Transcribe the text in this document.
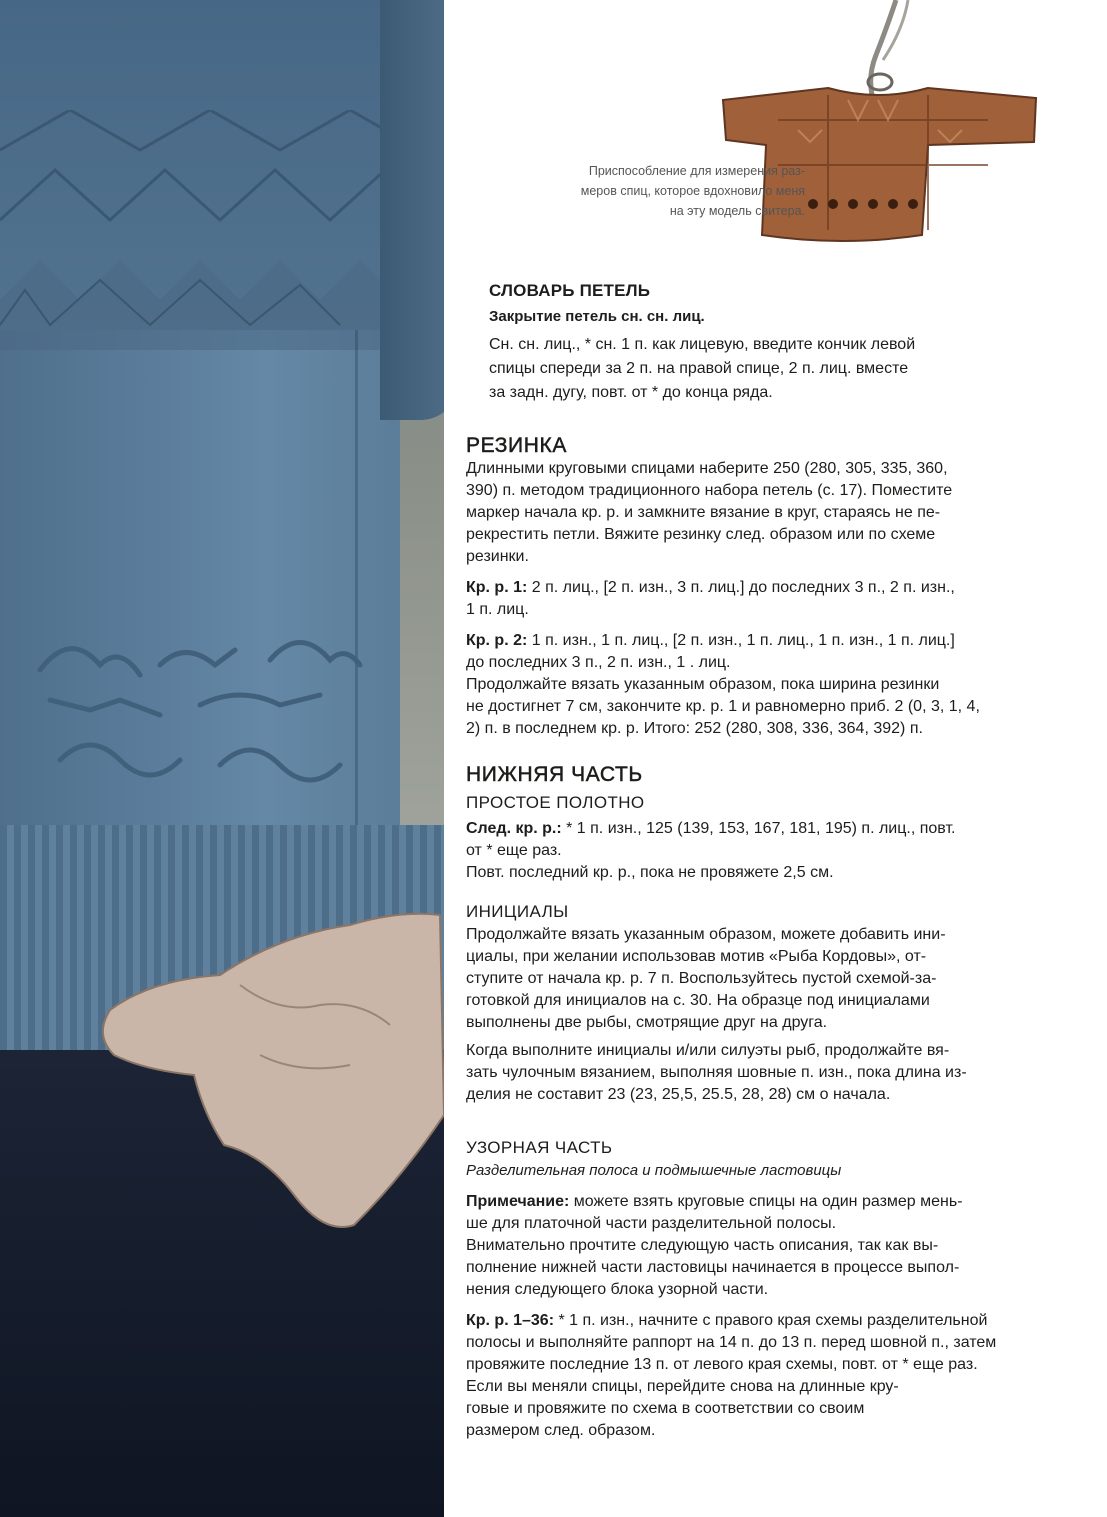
Приспособление для измерения раз-
меров спиц, которое вдохновило меня
на эту модель свитера.
СЛОВАРЬ ПЕТЕЛЬ

Закрытие петель сн. сн. лиц.

Сн. сн. лиц., * сн. 1 п. как лицевую, введите кончик левой

спицы спереди за 2 п. на правой спице, 2 п. лиц. вместе

за задн. дугу, повт. от * до конца ряда.

РЕЗИНКА

Длинными круговыми спицами наберите 250 (280, 305, 335, 360,

390) п. методом традиционного набора петель (с. 17). Поместите

маркер начала кр. р. и замкните вязание в круг, стараясь не пе-

рекрестить петли. Вяжите резинку след. образом или по схеме

резинки.

Кр. р. 1: 2 п. лиц., [2 п. изн., 3 п. лиц.] до последних 3 п., 2 п. изн.,

1 п. лиц.

Кр. р. 2: 1 п. изн., 1 п. лиц., [2 п. изн., 1 п. лиц., 1 п. изн., 1 п. лиц.]

до последних 3 п., 2 п. изн., 1 . лиц.

Продолжайте вязать указанным образом, пока ширина резинки

не достигнет 7 см, закончите кр. р. 1 и равномерно приб. 2 (0, 3, 1, 4,

2) п. в последнем кр. р. Итого: 252 (280, 308, 336, 364, 392) п.

НИЖНЯЯ ЧАСТЬ
ПРОСТОЕ ПОЛОТНО

След. кр. р.: * 1 п. изн., 125 (139, 153, 167, 181, 195) п. лиц., повт.

от * еще раз.

Повт. последний кр. р., пока не провяжете 2,5 см.

ИНИЦИАЛЫ

Продолжайте вязать указанным образом, можете добавить ини-

циалы, при желании использовав мотив «Рыба Кордовы», от-

ступите от начала кр. р. 7 п. Воспользуйтесь пустой схемой-за-

готовкой для инициалов на с. 30. На образце под инициалами

выполнены две рыбы, смотрящие друг на друга.

Когда выполните инициалы и/или силуэты рыб, продолжайте вя-

зать чулочным вязанием, выполняя шовные п. изн., пока длина из-

делия не составит 23 (23, 25,5, 25.5, 28, 28) см о начала.

УЗОРНАЯ ЧАСТЬ

Разделительная полоса и подмышечные ластовицы

Примечание: можете взять круговые спицы на один размер мень-

ше для платочной части разделительной полосы.

Внимательно прочтите следующую часть описания, так как вы-

полнение нижней части ластовицы начинается в процессе выпол-

нения следующего блока узорной части.

Кр. р. 1–36: * 1 п. изн., начните с правого края схемы разделительной

полосы и выполняйте раппорт на 14 п. до 13 п. перед шовной п., затем

провяжите последние 13 п. от левого края схемы, повт. от * еще раз.

Если вы меняли спицы, перейдите снова на длинные кру-

говые и провяжите по схема в соответствии со своим

размером след. образом.
